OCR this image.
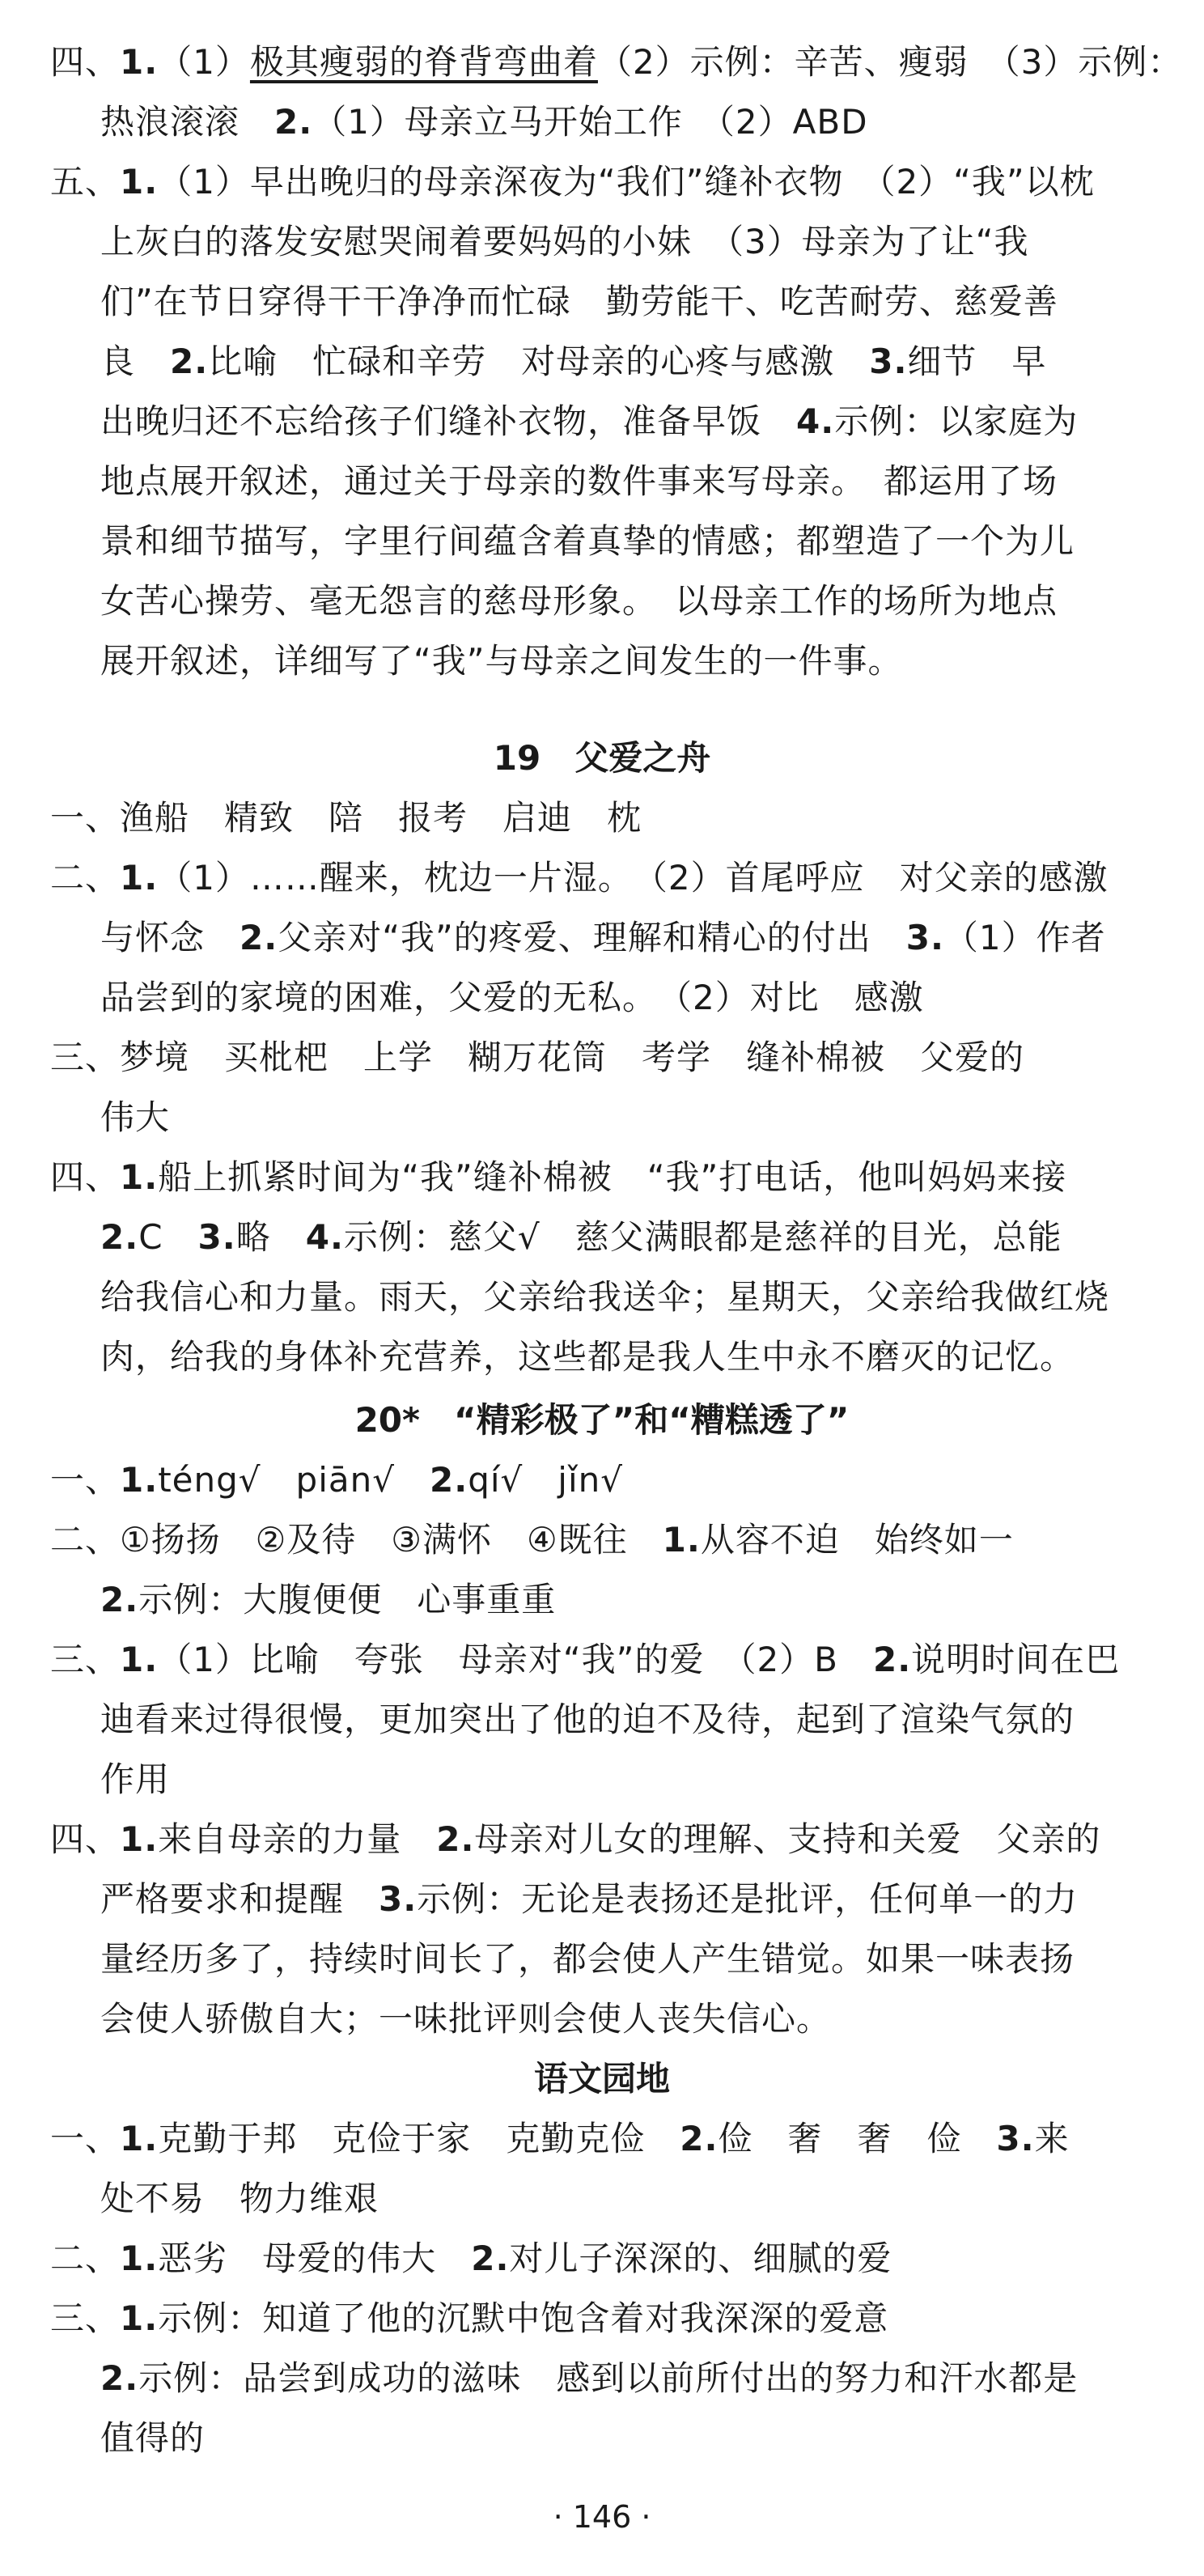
四、1.（1）极其瘦弱的脊背弯曲着（2）示例：辛苦、瘦弱　（3）示例：
热浪滚滚　2.（1）母亲立马开始工作　（2）ABD
五、1.（1）早出晚归的母亲深夜为“我们”缝补衣物　（2）“我”以枕
上灰白的落发安慰哭闹着要妈妈的小妹　（3）母亲为了让“我
们”在节日穿得干干净净而忙碌　勤劳能干、吃苦耐劳、慈爱善
良　2.比喻　忙碌和辛劳　对母亲的心疼与感激　3.细节　早
出晚归还不忘给孩子们缝补衣物，准备早饭　4.示例：以家庭为
地点展开叙述，通过关于母亲的数件事来写母亲。　都运用了场
景和细节描写，字里行间蕴含着真挚的情感；都塑造了一个为儿
女苦心操劳、毫无怨言的慈母形象。　以母亲工作的场所为地点
展开叙述，详细写了“我”与母亲之间发生的一件事。
19　父爱之舟
一、渔船　精致　陪　报考　启迪　枕
二、1.（1）……醒来，枕边一片湿。　（2）首尾呼应　对父亲的感激
与怀念　2.父亲对“我”的疼爱、理解和精心的付出　3.（1）作者
品尝到的家境的困难，父爱的无私。　（2）对比　感激
三、梦境　买枇杷　上学　糊万花筒　考学　缝补棉被　父爱的
伟大
四、1.船上抓紧时间为“我”缝补棉被　“我”打电话，他叫妈妈来接
2.C　3.略　4.示例：慈父√　慈父满眼都是慈祥的目光，总能
给我信心和力量。雨天，父亲给我送伞；星期天，父亲给我做红烧
肉，给我的身体补充营养，这些都是我人生中永不磨灭的记忆。
20*　“精彩极了”和“糟糕透了”
一、1.téng√　piān√　2.qí√　jǐn√
二、①扬扬　②及待　③满怀　④既往　1.从容不迫　始终如一
2.示例：大腹便便　心事重重
三、1.（1）比喻　夸张　母亲对“我”的爱　（2）B　2.说明时间在巴
迪看来过得很慢，更加突出了他的迫不及待，起到了渲染气氛的
作用
四、1.来自母亲的力量　2.母亲对儿女的理解、支持和关爱　父亲的
严格要求和提醒　3.示例：无论是表扬还是批评，任何单一的力
量经历多了，持续时间长了，都会使人产生错觉。如果一味表扬
会使人骄傲自大；一味批评则会使人丧失信心。
语文园地
一、1.克勤于邦　克俭于家　克勤克俭　2.俭　奢　奢　俭　3.来
处不易　物力维艰
二、1.恶劣　母爱的伟大　2.对儿子深深的、细腻的爱
三、1.示例：知道了他的沉默中饱含着对我深深的爱意
2.示例：品尝到成功的滋味　感到以前所付出的努力和汗水都是
值得的
· 146 ·
